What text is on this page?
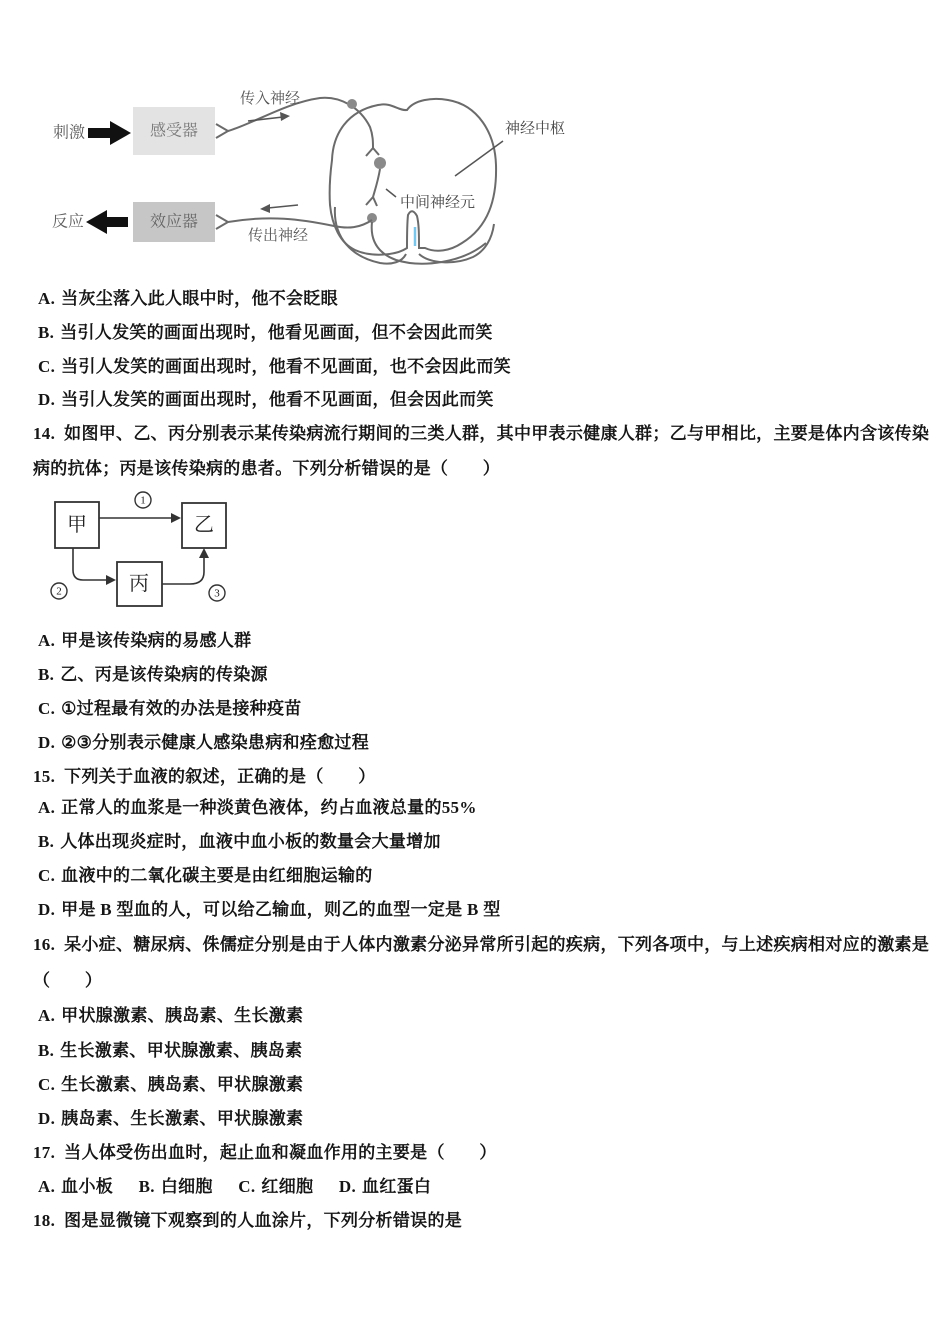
刺激	感受器
传入神经
中间神经元
神经中枢
传出神经
效应器
反应
A. 当灰尘落入此人眼中时，他不会眨眼
B. 当引人发笑的画面出现时，他看见画面，但不会因此而笑
C. 当引人发笑的画面出现时，他看不见画面，也不会因此而笑
D. 当引人发笑的画面出现时，他看不见画面，但会因此而笑
14. 如图甲、乙、丙分别表示某传染病流行期间的三类人群，其中甲表示健康人群；乙与甲相比，主要是体内含该传染
病的抗体；丙是该传染病的患者。下列分析错误的是（　　）
甲	乙
丙
1
2	3
A. 甲是该传染病的易感人群
B. 乙、丙是该传染病的传染源
C. ①过程最有效的办法是接种疫苗
D. ②③分别表示健康人感染患病和痊愈过程
15. 下列关于血液的叙述，正确的是（　　）
A. 正常人的血浆是一种淡黄色液体，约占血液总量的55%
B. 人体出现炎症时，血液中血小板的数量会大量增加
C. 血液中的二氧化碳主要是由红细胞运输的
D. 甲是 B 型血的人，可以给乙输血，则乙的血型一定是 B 型
16. 呆小症、糖尿病、侏儒症分别是由于人体内激素分泌异常所引起的疾病，下列各项中，与上述疾病相对应的激素是
（　　）
A. 甲状腺激素、胰岛素、生长激素
B. 生长激素、甲状腺激素、胰岛素
C. 生长激素、胰岛素、甲状腺激素
D. 胰岛素、生长激素、甲状腺激素
17. 当人体受伤出血时，起止血和凝血作用的主要是（　　）
A. 血小板 B. 白细胞 C. 红细胞 D. 血红蛋白
18. 图是显微镜下观察到的人血涂片，下列分析错误的是
